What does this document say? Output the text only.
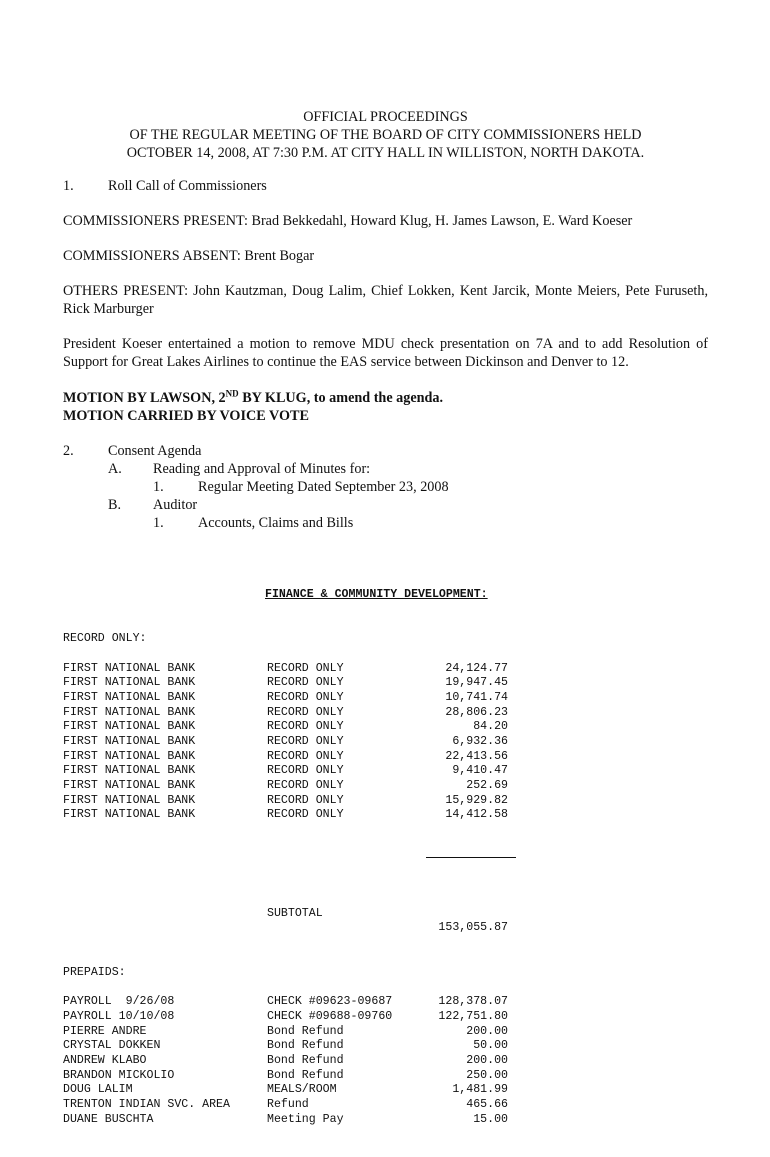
OFFICIAL PROCEEDINGS
OF THE REGULAR MEETING OF THE BOARD OF CITY COMMISSIONERS HELD
OCTOBER 14, 2008, AT 7:30 P.M. AT CITY HALL IN WILLISTON, NORTH DAKOTA.
1. Roll Call of Commissioners

COMMISSIONERS PRESENT: Brad Bekkedahl, Howard Klug, H. James Lawson, E. Ward Koeser

COMMISSIONERS ABSENT: Brent Bogar

OTHERS PRESENT: John Kautzman, Doug Lalim, Chief Lokken, Kent Jarcik, Monte Meiers, Pete Furuseth, Rick Marburger

President Koeser entertained a motion to remove MDU check presentation on 7A and to add Resolution of Support for Great Lakes Airlines to continue the EAS service between Dickinson and Denver to 12.

MOTION BY LAWSON, 2ND BY KLUG, to amend the agenda.
MOTION CARRIED BY VOICE VOTE
2. Consent Agenda
A. Reading and Approval of Minutes for:
1. Regular Meeting Dated September 23, 2008
B. Auditor
1. Accounts, Claims and Bills

FINANCE & COMMUNITY DEVELOPMENT:

RECORD ONLY:

FIRST NATIONAL BANK	RECORD ONLY	24,124.77
FIRST NATIONAL BANK	RECORD ONLY	19,947.45
FIRST NATIONAL BANK	RECORD ONLY	10,741.74
FIRST NATIONAL BANK	RECORD ONLY	28,806.23
FIRST NATIONAL BANK	RECORD ONLY	84.20
FIRST NATIONAL BANK	RECORD ONLY	6,932.36
FIRST NATIONAL BANK	RECORD ONLY	22,413.56
FIRST NATIONAL BANK	RECORD ONLY	9,410.47
FIRST NATIONAL BANK	RECORD ONLY	252.69
FIRST NATIONAL BANK	RECORD ONLY	15,929.82
FIRST NATIONAL BANK	RECORD ONLY	14,412.58

SUBTOTAL

153,055.87

PREPAIDS:

PAYROLL  9/26/08	CHECK #09623-09687	128,378.07
PAYROLL 10/10/08	CHECK #09688-09760	122,751.80
PIERRE ANDRE	Bond Refund	200.00
CRYSTAL DOKKEN	Bond Refund	50.00
ANDREW KLABO	Bond Refund	200.00
BRANDON MICKOLIO	Bond Refund	250.00
DOUG LALIM	MEALS/ROOM	1,481.99
TRENTON INDIAN SVC. AREA	Refund	465.66
DUANE BUSCHTA	Meeting Pay	15.00
